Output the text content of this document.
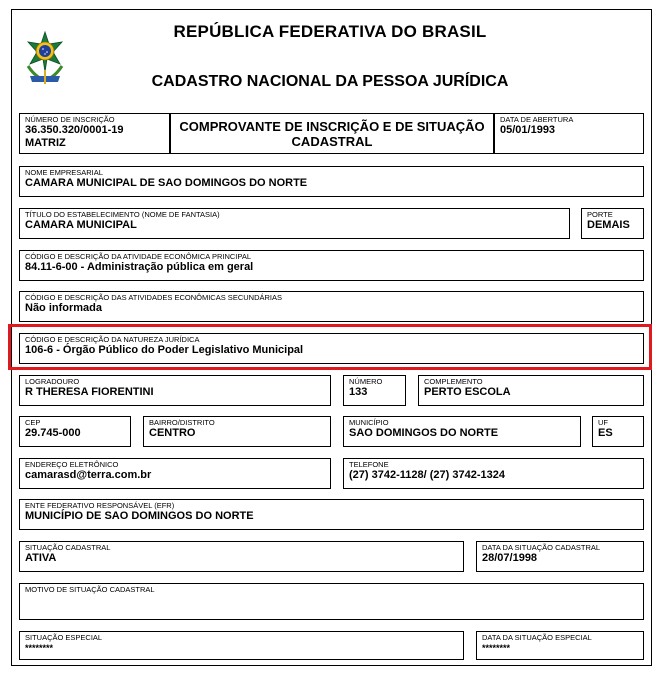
REPÚBLICA FEDERATIVA DO BRASIL
CADASTRO NACIONAL DA PESSOA JURÍDICA
NÚMERO DE INSCRIÇÃO
36.350.320/0001-19
MATRIZ
COMPROVANTE DE INSCRIÇÃO E DE SITUAÇÃO CADASTRAL
DATA DE ABERTURA
05/01/1993
NOME EMPRESARIAL
CAMARA MUNICIPAL DE SAO DOMINGOS DO NORTE
TÍTULO DO ESTABELECIMENTO (NOME DE FANTASIA)
CAMARA MUNICIPAL
PORTE
DEMAIS
CÓDIGO E DESCRIÇÃO DA ATIVIDADE ECONÔMICA PRINCIPAL
84.11-6-00 - Administração pública em geral
CÓDIGO E DESCRIÇÃO DAS ATIVIDADES ECONÔMICAS SECUNDÁRIAS
Não informada
CÓDIGO E DESCRIÇÃO DA NATUREZA JURÍDICA
106-6 - Órgão Público do Poder Legislativo Municipal
LOGRADOURO
R THERESA FIORENTINI
NÚMERO
133
COMPLEMENTO
PERTO ESCOLA
CEP
29.745-000
BAIRRO/DISTRITO
CENTRO
MUNICÍPIO
SAO DOMINGOS DO NORTE
UF
ES
ENDEREÇO ELETRÔNICO
camarasd@terra.com.br
TELEFONE
(27) 3742-1128/ (27) 3742-1324
ENTE FEDERATIVO RESPONSÁVEL (EFR)
MUNICÍPIO DE SAO DOMINGOS DO NORTE
SITUAÇÃO CADASTRAL
ATIVA
DATA DA SITUAÇÃO CADASTRAL
28/07/1998
MOTIVO DE SITUAÇÃO CADASTRAL
SITUAÇÃO ESPECIAL
********
DATA DA SITUAÇÃO ESPECIAL
********
